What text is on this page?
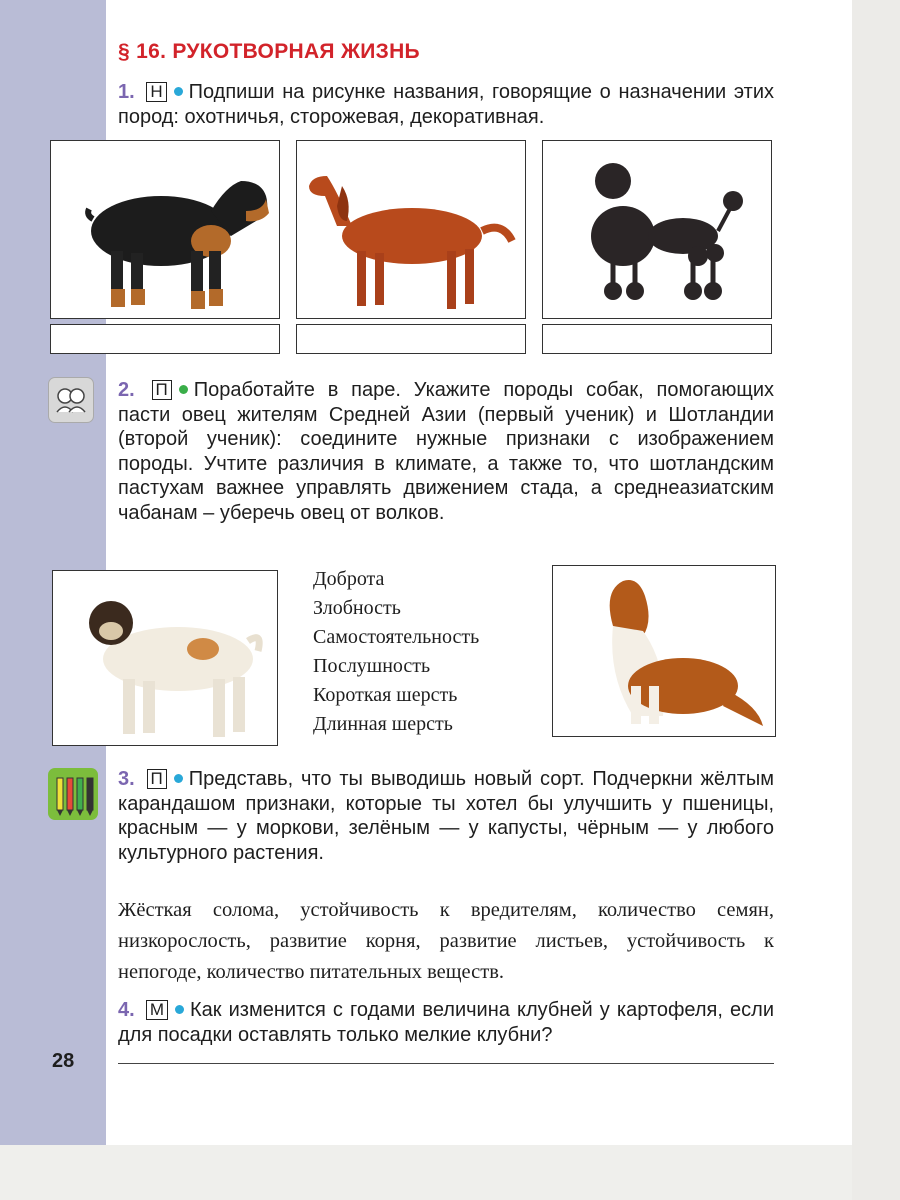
§ 16. РУКОТВОРНАЯ ЖИЗНЬ
1. Н Подпиши на рисунке названия, говорящие о назначении этих пород: охотничья, сторожевая, декоративная.
2. П Поработайте в паре. Укажите породы собак, помогающих пасти овец жителям Средней Азии (первый ученик) и Шотландии (второй ученик): соедините нужные признаки с изображением породы. Учтите различия в климате, а также то, что шотландским пастухам важнее управлять движением стада, а среднеазиатским чабанам – уберечь овец от волков.
Доброта
Злобность
Самостоятельность
Послушность
Короткая шерсть
Длинная шерсть
3. П Представь, что ты выводишь новый сорт. Подчеркни жёлтым карандашом признаки, которые ты хотел бы улучшить у пшеницы, красным — у моркови, зелёным — у капусты, чёрным — у любого культурного растения.
Жёсткая солома, устойчивость к вредителям, количество семян, низкорослость, развитие корня, развитие листьев, устойчивость к непогоде, количество питательных веществ.
4. М Как изменится с годами величина клубней у картофеля, если для посадки оставлять только мелкие клубни?
28
